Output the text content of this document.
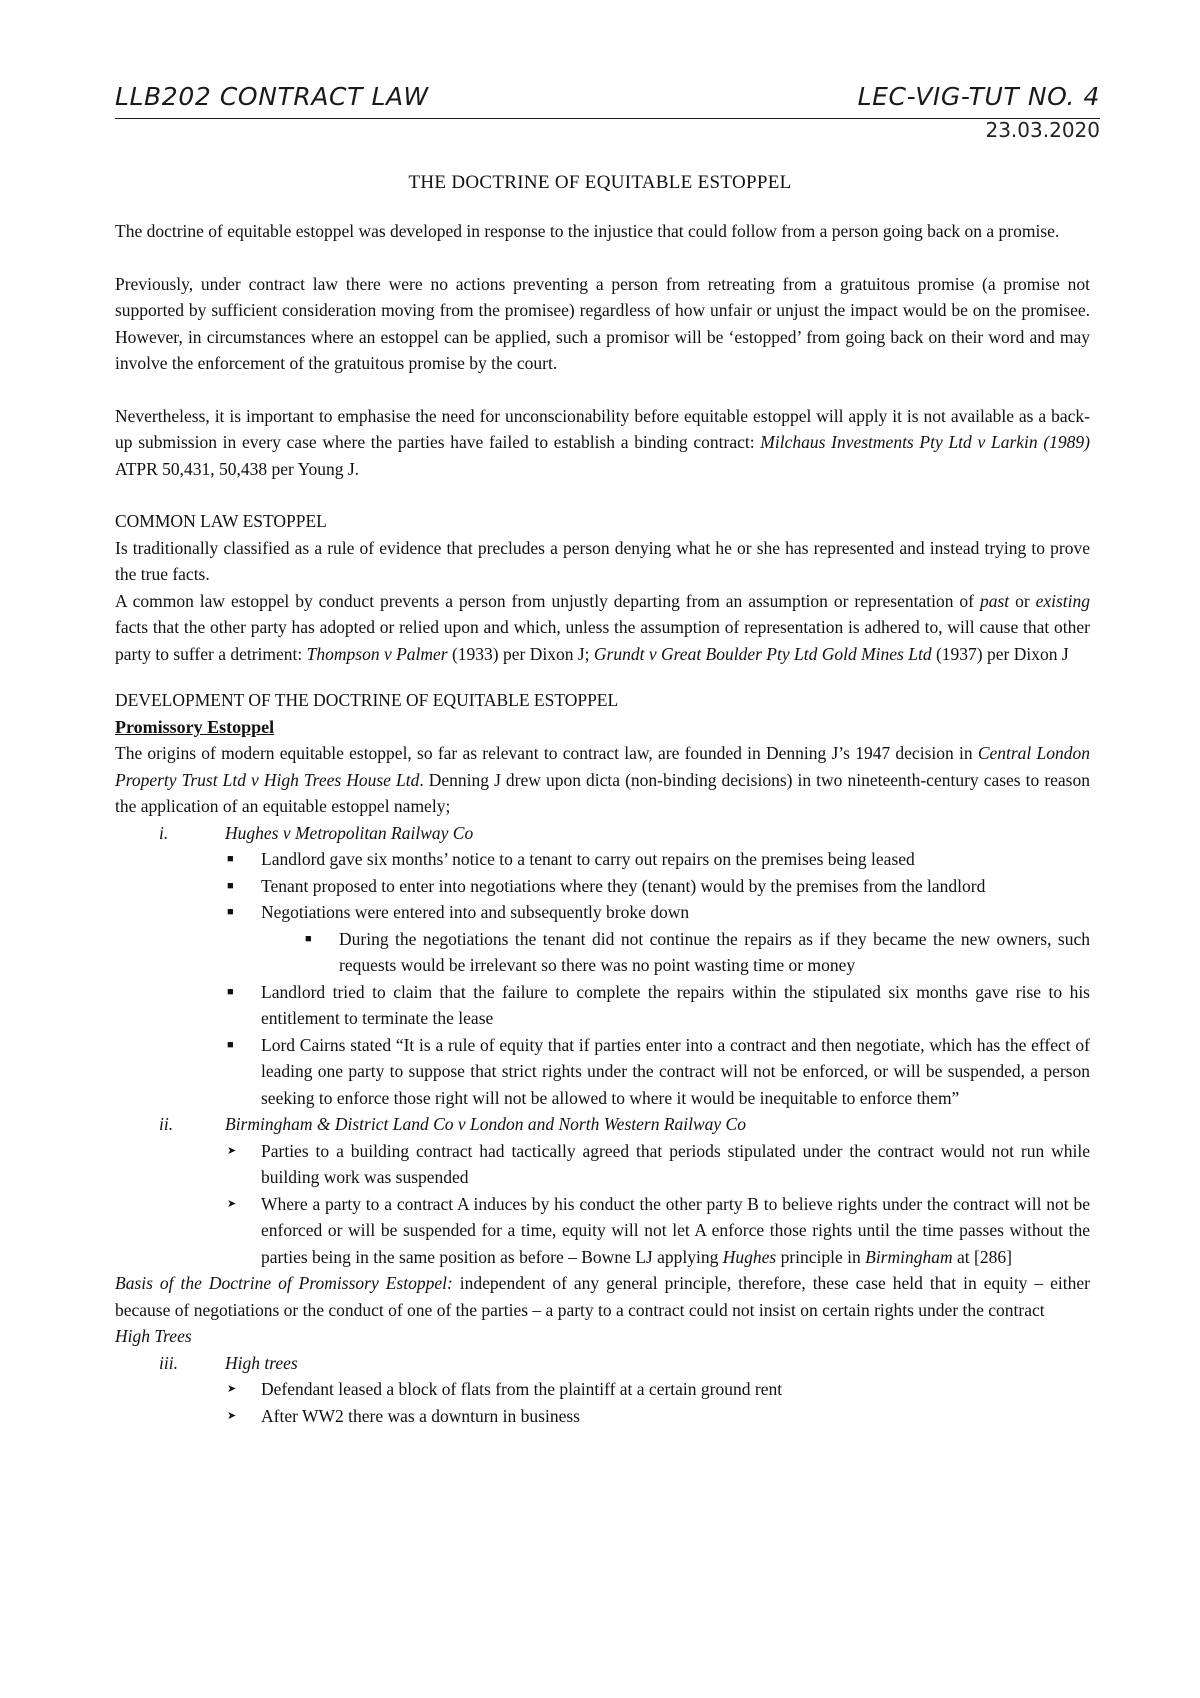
LLB202 CONTRACT LAW	LEC-VIG-TUT NO. 4
23.03.2020
THE DOCTRINE OF EQUITABLE ESTOPPEL

The doctrine of equitable estoppel was developed in response to the injustice that could follow from a person going back on a promise.

Previously, under contract law there were no actions preventing a person from retreating from a gratuitous promise (a promise not supported by sufficient consideration moving from the promisee) regardless of how unfair or unjust the impact would be on the promisee. However, in circumstances where an estoppel can be applied, such a promisor will be ‘estopped’ from going back on their word and may involve the enforcement of the gratuitous promise by the court.

Nevertheless, it is important to emphasise the need for unconscionability before equitable estoppel will apply it is not available as a back-up submission in every case where the parties have failed to establish a binding contract: Milchaus Investments Pty Ltd v Larkin (1989) ATPR 50,431, 50,438 per Young J.

COMMON LAW ESTOPPEL

Is traditionally classified as a rule of evidence that precludes a person denying what he or she has represented and instead trying to prove the true facts.

A common law estoppel by conduct prevents a person from unjustly departing from an assumption or representation of past or existing facts that the other party has adopted or relied upon and which, unless the assumption of representation is adhered to, will cause that other party to suffer a detriment: Thompson v Palmer (1933) per Dixon J; Grundt v Great Boulder Pty Ltd Gold Mines Ltd (1937) per Dixon J

DEVELOPMENT OF THE DOCTRINE OF EQUITABLE ESTOPPEL

Promissory Estoppel

The origins of modern equitable estoppel, so far as relevant to contract law, are founded in Denning J’s 1947 decision in Central London Property Trust Ltd v High Trees House Ltd. Denning J drew upon dicta (non-binding decisions) in two nineteenth-century cases to reason the application of an equitable estoppel namely;

i.	Hughes v Metropolitan Railway Co
■ Landlord gave six months’ notice to a tenant to carry out repairs on the premises being leased
■ Tenant proposed to enter into negotiations where they (tenant) would by the premises from the landlord
■ Negotiations were entered into and subsequently broke down
■ During the negotiations the tenant did not continue the repairs as if they became the new owners, such requests would be irrelevant so there was no point wasting time or money
■ Landlord tried to claim that the failure to complete the repairs within the stipulated six months gave rise to his entitlement to terminate the lease
■ Lord Cairns stated “It is a rule of equity that if parties enter into a contract and then negotiate, which has the effect of leading one party to suppose that strict rights under the contract will not be enforced, or will be suspended, a person seeking to enforce those right will not be allowed to where it would be inequitable to enforce them”
ii.	Birmingham & District Land Co v London and North Western Railway Co
➤ Parties to a building contract had tactically agreed that periods stipulated under the contract would not run while building work was suspended
➤ Where a party to a contract A induces by his conduct the other party B to believe rights under the contract will not be enforced or will be suspended for a time, equity will not let A enforce those rights until the time passes without the parties being in the same position as before – Bowne LJ applying Hughes principle in Birmingham at [286]

Basis of the Doctrine of Promissory Estoppel: independent of any general principle, therefore, these case held that in equity – either because of negotiations or the conduct of one of the parties – a party to a contract could not insist on certain rights under the contract

High Trees

iii.	High trees
➤ Defendant leased a block of flats from the plaintiff at a certain ground rent
➤ After WW2 there was a downturn in business
